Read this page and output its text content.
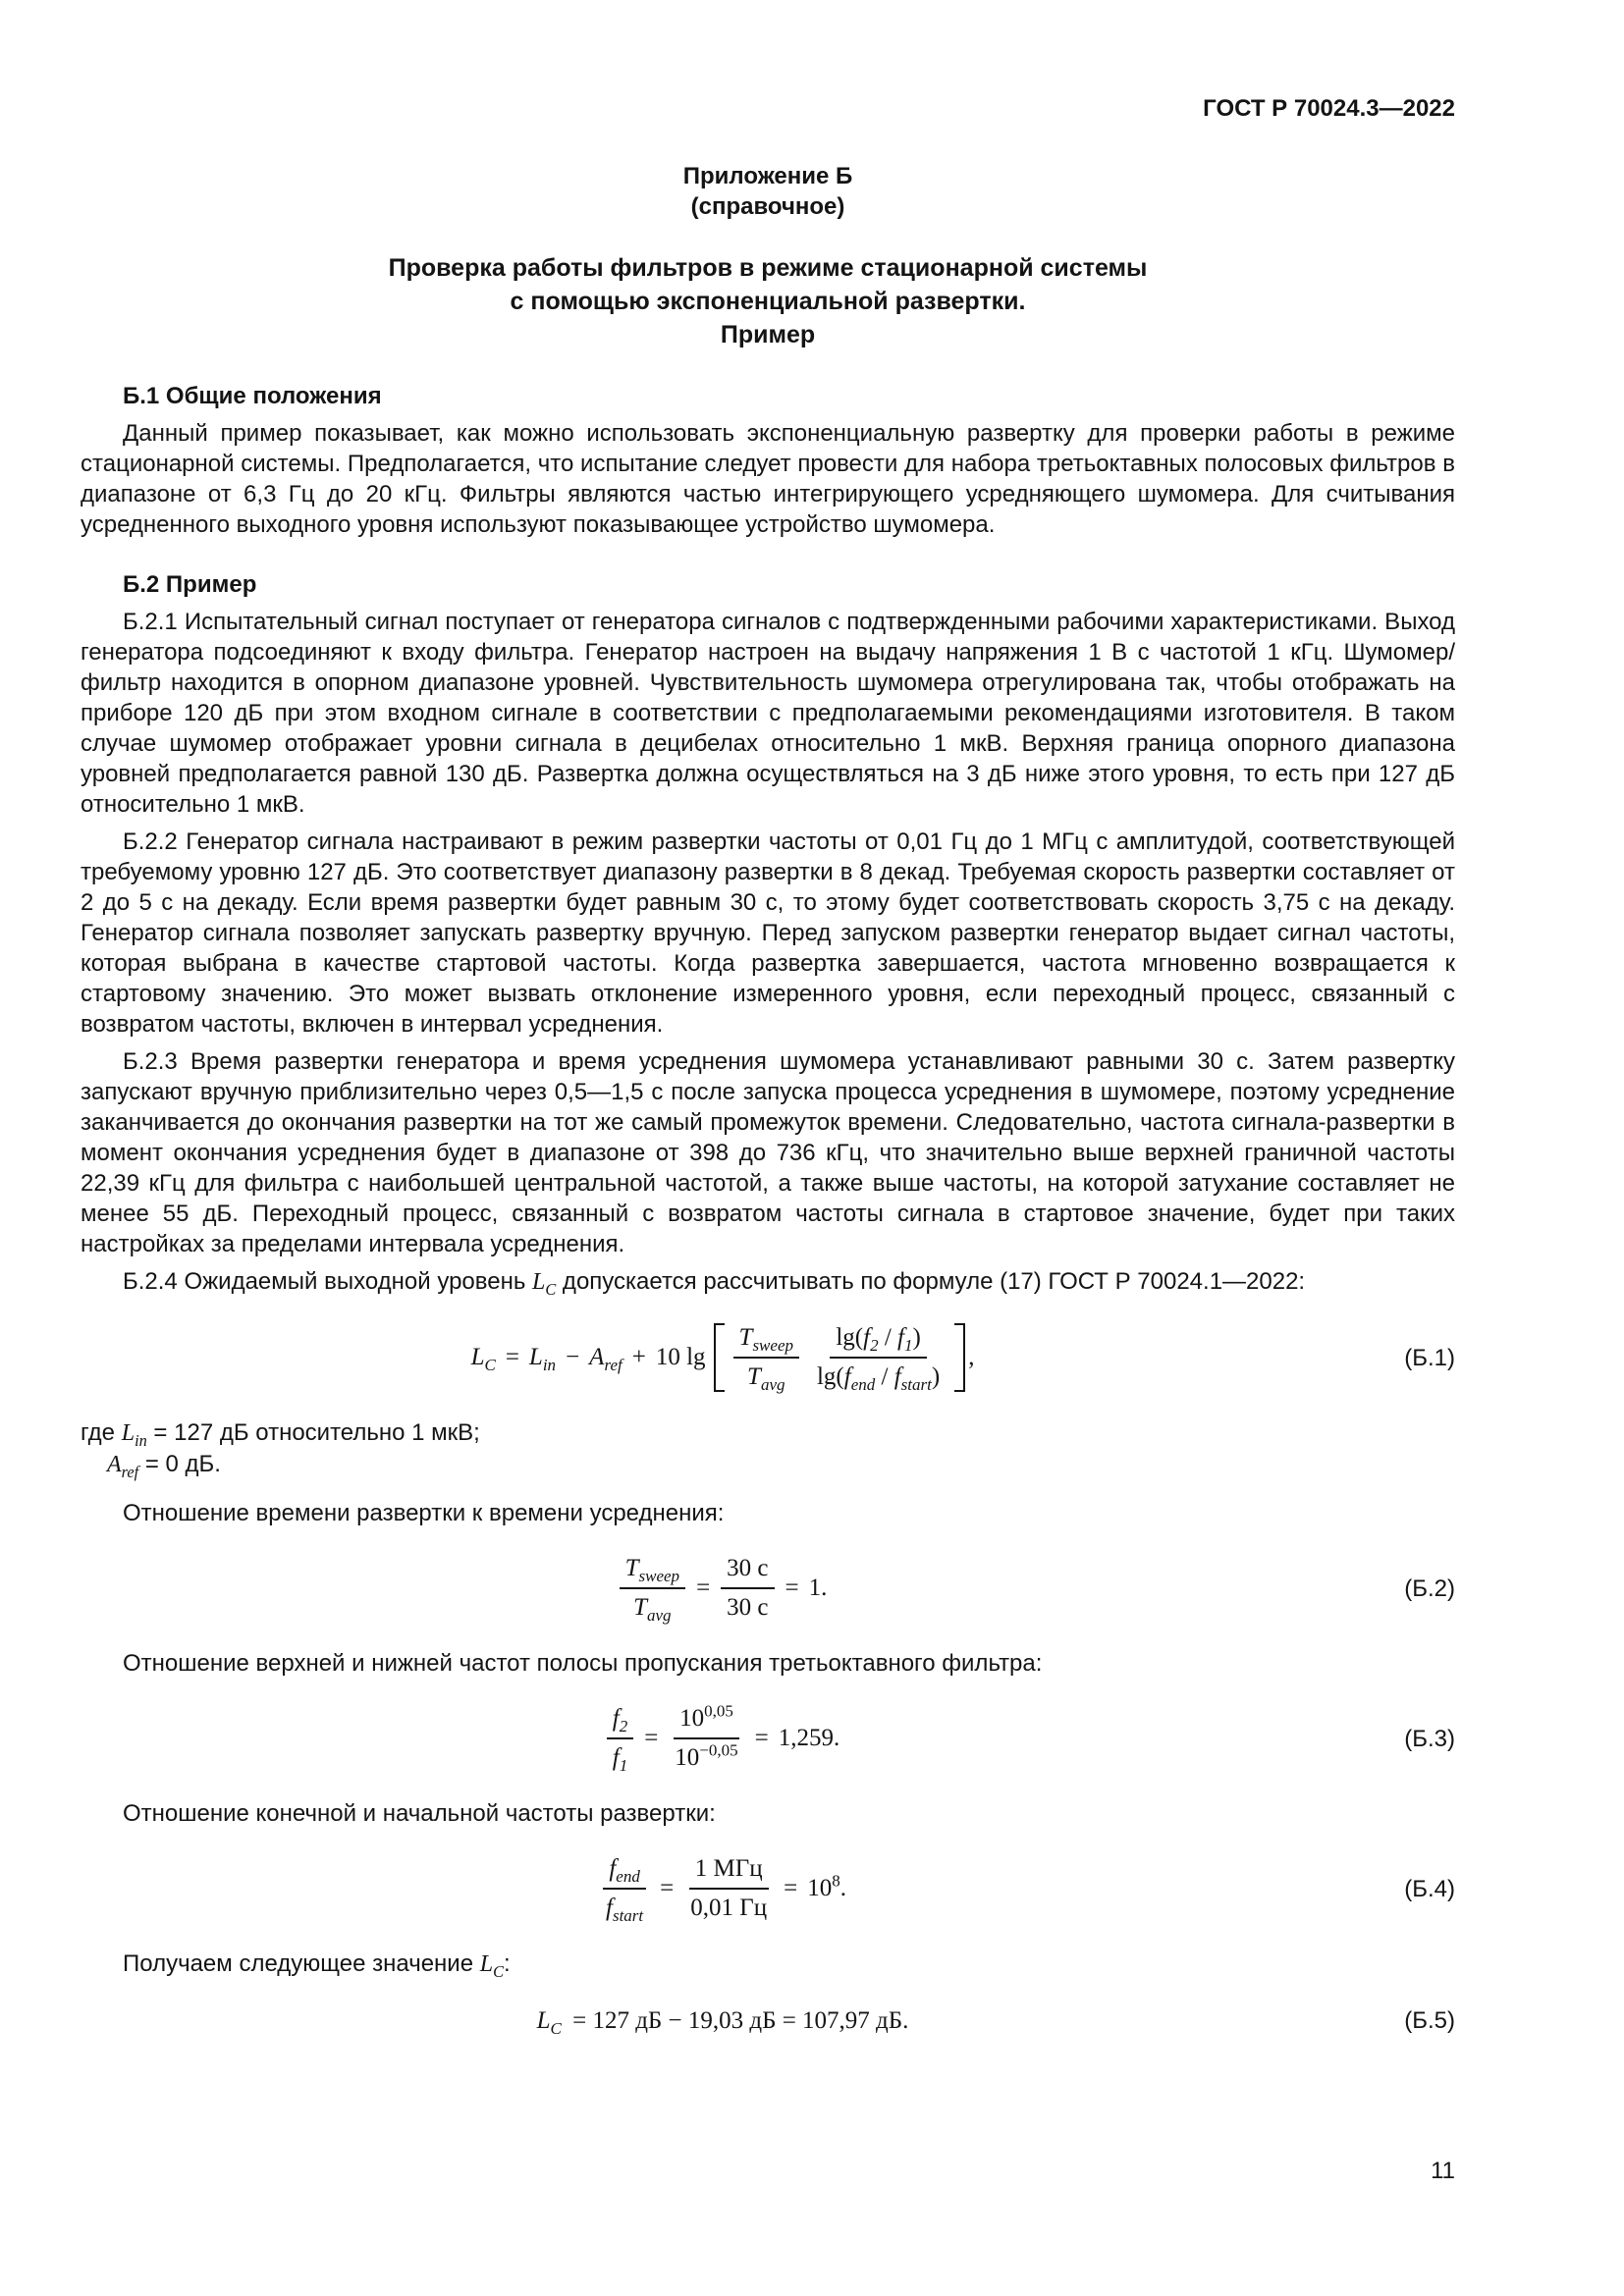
ГОСТ Р 70024.3—2022
Приложение Б
(справочное)
Проверка работы фильтров в режиме стационарной системы
с помощью экспоненциальной развертки.
Пример
Б.1 Общие положения

Данный пример показывает, как можно использовать экспоненциальную развертку для проверки работы в режиме стационарной системы. Предполагается, что испытание следует провести для набора третьоктавных полосовых фильтров в диапазоне от 6,3 Гц до 20 кГц. Фильтры являются частью интегрирующего усредняющего шумомера. Для считывания усредненного выходного уровня используют показывающее устройство шумомера.

Б.2 Пример

Б.2.1 Испытательный сигнал поступает от генератора сигналов с подтвержденными рабочими характеристиками. Выход генератора подсоединяют к входу фильтра. Генератор настроен на выдачу напряжения 1 В с частотой 1 кГц. Шумомер/фильтр находится в опорном диапазоне уровней. Чувствительность шумомера отрегулирована так, чтобы отображать на приборе 120 дБ при этом входном сигнале в соответствии с предполагаемыми рекомендациями изготовителя. В таком случае шумомер отображает уровни сигнала в децибелах относительно 1 мкВ. Верхняя граница опорного диапазона уровней предполагается равной 130 дБ. Развертка должна осуществляться на 3 дБ ниже этого уровня, то есть при 127 дБ относительно 1 мкВ.

Б.2.2 Генератор сигнала настраивают в режим развертки частоты от 0,01 Гц до 1 МГц с амплитудой, соответствующей требуемому уровню 127 дБ. Это соответствует диапазону развертки в 8 декад. Требуемая скорость развертки составляет от 2 до 5 с на декаду. Если время развертки будет равным 30 с, то этому будет соответствовать скорость 3,75 с на декаду. Генератор сигнала позволяет запускать развертку вручную. Перед запуском развертки генератор выдает сигнал частоты, которая выбрана в качестве стартовой частоты. Когда развертка завершается, частота мгновенно возвращается к стартовому значению. Это может вызвать отклонение измеренного уровня, если переходный процесс, связанный с возвратом частоты, включен в интервал усреднения.

Б.2.3 Время развертки генератора и время усреднения шумомера устанавливают равными 30 с. Затем развертку запускают вручную приблизительно через 0,5—1,5 с после запуска процесса усреднения в шумомере, поэтому усреднение заканчивается до окончания развертки на тот же самый промежуток времени. Следовательно, частота сигнала-развертки в момент окончания усреднения будет в диапазоне от 398 до 736 кГц, что значительно выше верхней граничной частоты 22,39 кГц для фильтра с наибольшей центральной частотой, а также выше частоты, на которой затухание составляет не менее 55 дБ. Переходный процесс, связанный с возвратом частоты сигнала в стартовое значение, будет при таких настройках за пределами интервала усреднения.

Б.2.4 Ожидаемый выходной уровень $L_C$ допускается рассчитывать по формуле (17) ГОСТ Р 70024.1—2022:

$L_C = L_{in} - A_{ref} + 10$ $\lg \frac{T_{sweep}}{T_{avg}} \frac{\lg(f_2 / f_1)}{\lg(f_{end} / f_{start})}$ ,	(Б.1)
где $L_{in} = 127$ дБ относительно 1 мкВ;
$A_{ref} = 0$ дБ.

Отношение времени развертки к времени усреднения:

$\frac{T_{sweep}}{T_{avg}} = \frac{30 с}{30 с} = 1$.	(Б.2)

Отношение верхней и нижней частот полосы пропускания третьоктавного фильтра:

$\frac{f_2}{f_1} = \frac{10^{0,05}}{10^{-0,05}} = 1,259$.	(Б.3)

Отношение конечной и начальной частоты развертки:

$\frac{f_{end}}{f_{start}} = \frac{\text{1 МГц}}{0,01 Гц} = 10^8$.	(Б.4)

Получаем следующее значение $L_C$:

$L_C = 127$ дБ − 19,03 дБ = 107,97 дБ.	(Б.5)
11
